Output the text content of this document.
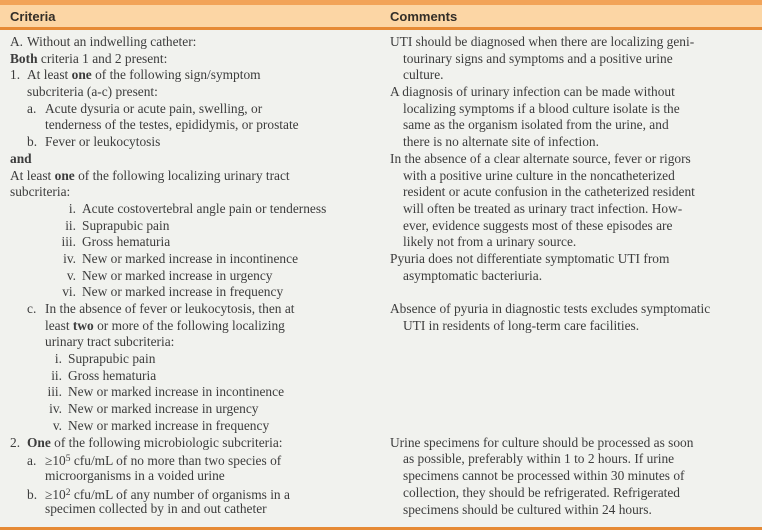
Criteria	Comments
A. Without an indwelling catheter:
Both criteria 1 and 2 present:
1. At least one of the following sign/symptom
subcriteria (a-c) present:
a. Acute dysuria or acute pain, swelling, or
tenderness of the testes, epididymis, or prostate
b. Fever or leukocytosis
and
At least one of the following localizing urinary tract
subcriteria:
i. Acute costovertebral angle pain or tenderness
ii. Suprapubic pain
iii. Gross hematuria
iv. New or marked increase in incontinence
v. New or marked increase in urgency
vi. New or marked increase in frequency
c. In the absence of fever or leukocytosis, then at
least two or more of the following localizing
urinary tract subcriteria:
i. Suprapubic pain
ii. Gross hematuria
iii. New or marked increase in incontinence
iv. New or marked increase in urgency
v. New or marked increase in frequency
2. One of the following microbiologic subcriteria:
a. $\ge 10^5$ cfu/mL of no more than two species of
microorganisms in a voided urine
b. $\ge 10^2$ cfu/mL of any number of organisms in a
specimen collected by in and out catheter
UTI should be diagnosed when there are localizing geni-
tourinary signs and symptoms and a positive urine
culture.
A diagnosis of urinary infection can be made without
localizing symptoms if a blood culture isolate is the
same as the organism isolated from the urine, and
there is no alternate site of infection.
In the absence of a clear alternate source, fever or rigors
with a positive urine culture in the noncatheterized
resident or acute confusion in the catheterized resident
will often be treated as urinary tract infection. How-
ever, evidence suggests most of these episodes are
likely not from a urinary source.
Pyuria does not differentiate symptomatic UTI from
asymptomatic bacteriuria.
Absence of pyuria in diagnostic tests excludes symptomatic
UTI in residents of long-term care facilities.
Urine specimens for culture should be processed as soon
as possible, preferably within 1 to 2 hours. If urine
specimens cannot be processed within 30 minutes of
collection, they should be refrigerated. Refrigerated
specimens should be cultured within 24 hours.
